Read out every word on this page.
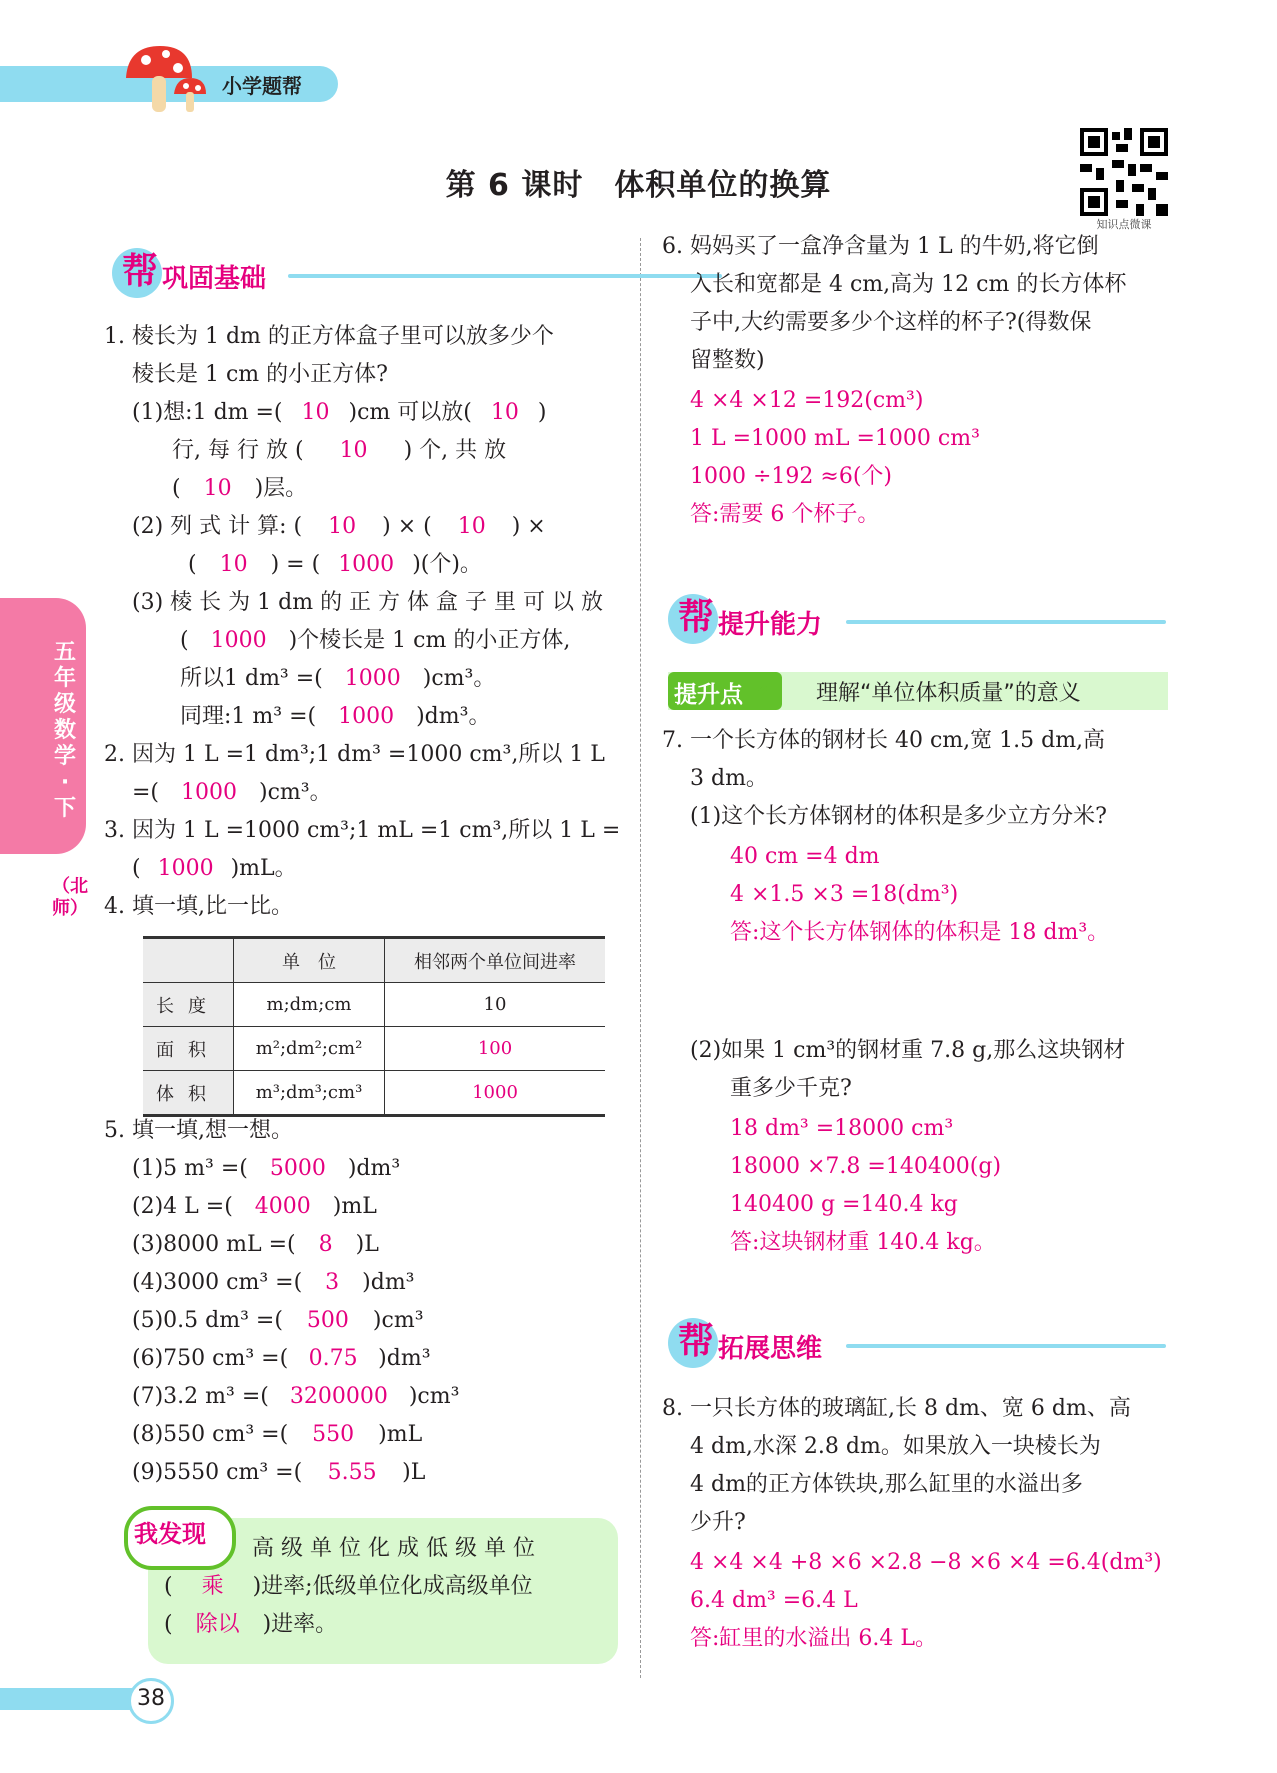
小学题帮
第 6 课时　体积单位的换算
知识点微课
五年级数学·下
（北师）
帮 巩固基础
1. 棱长为 1 dm 的正方体盒子里可以放多少个
棱长是 1 cm 的小正方体?
(1)想:1 dm =( 10 )cm 可以放( 10 )
行, 每 行 放 ( 10 ) 个, 共 放
( 10 )层。
(2) 列 式 计 算: ( 10 ) × ( 10 ) ×
( 10 ) = ( 1000 )(个)。
(3) 棱 长 为 1 dm 的 正 方 体 盒 子 里 可 以 放
( 1000 )个棱长是 1 cm 的小正方体,
所以1 dm³ =( 1000 )cm³。
同理:1 m³ =( 1000 )dm³。
2. 因为 1 L =1 dm³;1 dm³ =1000 cm³,所以 1 L
=( 1000 )cm³。
3. 因为 1 L =1000 cm³;1 mL =1 cm³,所以 1 L =
( 1000 )mL。
4. 填一填,比一比。
	单　位	相邻两个单位间进率
长度	m;dm;cm	10
面积	m²;dm²;cm²	100
体积	m³;dm³;cm³	1000
5. 填一填,想一想。
(1)5 m³ =( 5000 )dm³
(2)4 L =( 4000 )mL
(3)8000 mL =( 8 )L
(4)3000 cm³ =( 3 )dm³
(5)0.5 dm³ =( 500 )cm³
(6)750 cm³ =( 0.75 )dm³
(7)3.2 m³ =( 3200000 )cm³
(8)550 cm³ =( 550 )mL
(9)5550 cm³ =( 5.55 )L
我发现
高 级 单 位 化 成 低 级 单 位
( 乘 )进率;低级单位化成高级单位
( 除以 )进率。
6. 妈妈买了一盒净含量为 1 L 的牛奶,将它倒
入长和宽都是 4 cm,高为 12 cm 的长方体杯
子中,大约需要多少个这样的杯子?(得数保
留整数)
4 ×4 ×12 =192(cm³)
1 L =1000 mL =1000 cm³
1000 ÷192 ≈6(个)
答:需要 6 个杯子。
帮 提升能力
提升点 ➶ 理解“单位体积质量”的意义
7. 一个长方体的钢材长 40 cm,宽 1.5 dm,高
3 dm。
(1)这个长方体钢材的体积是多少立方分米?
40 cm =4 dm
4 ×1.5 ×3 =18(dm³)
答:这个长方体钢体的体积是 18 dm³。
(2)如果 1 cm³的钢材重 7.8 g,那么这块钢材
重多少千克?
18 dm³ =18000 cm³
18000 ×7.8 =140400(g)
140400 g =140.4 kg
答:这块钢材重 140.4 kg。
帮 拓展思维
8. 一只长方体的玻璃缸,长 8 dm、宽 6 dm、高
4 dm,水深 2.8 dm。如果放入一块棱长为
4 dm的正方体铁块,那么缸里的水溢出多
少升?
4 ×4 ×4 +8 ×6 ×2.8 −8 ×6 ×4 =6.4(dm³)
6.4 dm³ =6.4 L
答:缸里的水溢出 6.4 L。
38
